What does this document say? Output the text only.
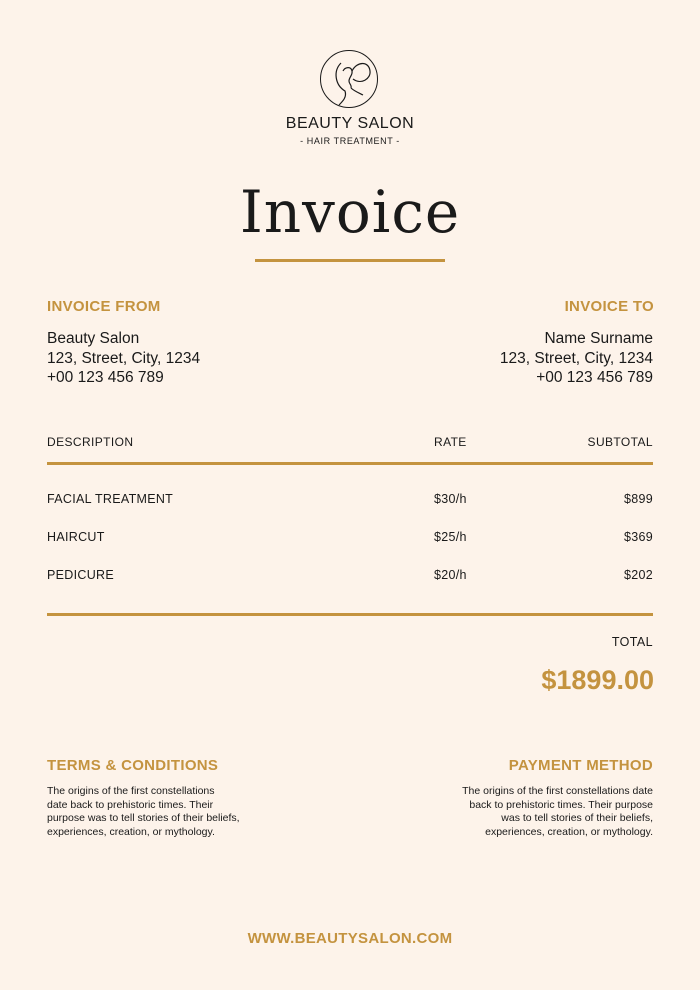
BEAUTY SALON
- HAIR TREATMENT -
Invoice
INVOICE FROM
Beauty Salon
123, Street, City, 1234
+00 123 456 789
INVOICE TO
Name Surname
123, Street, City, 1234
+00 123 456 789
DESCRIPTION	RATE	SUBTOTAL
FACIAL TREATMENT	$30/h	$899
HAIRCUT	$25/h	$369
PEDICURE	$20/h	$202
TOTAL
$1899.00
TERMS & CONDITIONS
The origins of the first constellations
date back to prehistoric times. Their
purpose was to tell stories of their beliefs,
experiences, creation, or mythology.
PAYMENT METHOD
The origins of the first constellations date
back to prehistoric times. Their purpose
was to tell stories of their beliefs,
experiences, creation, or mythology.
WWW.BEAUTYSALON.COM
